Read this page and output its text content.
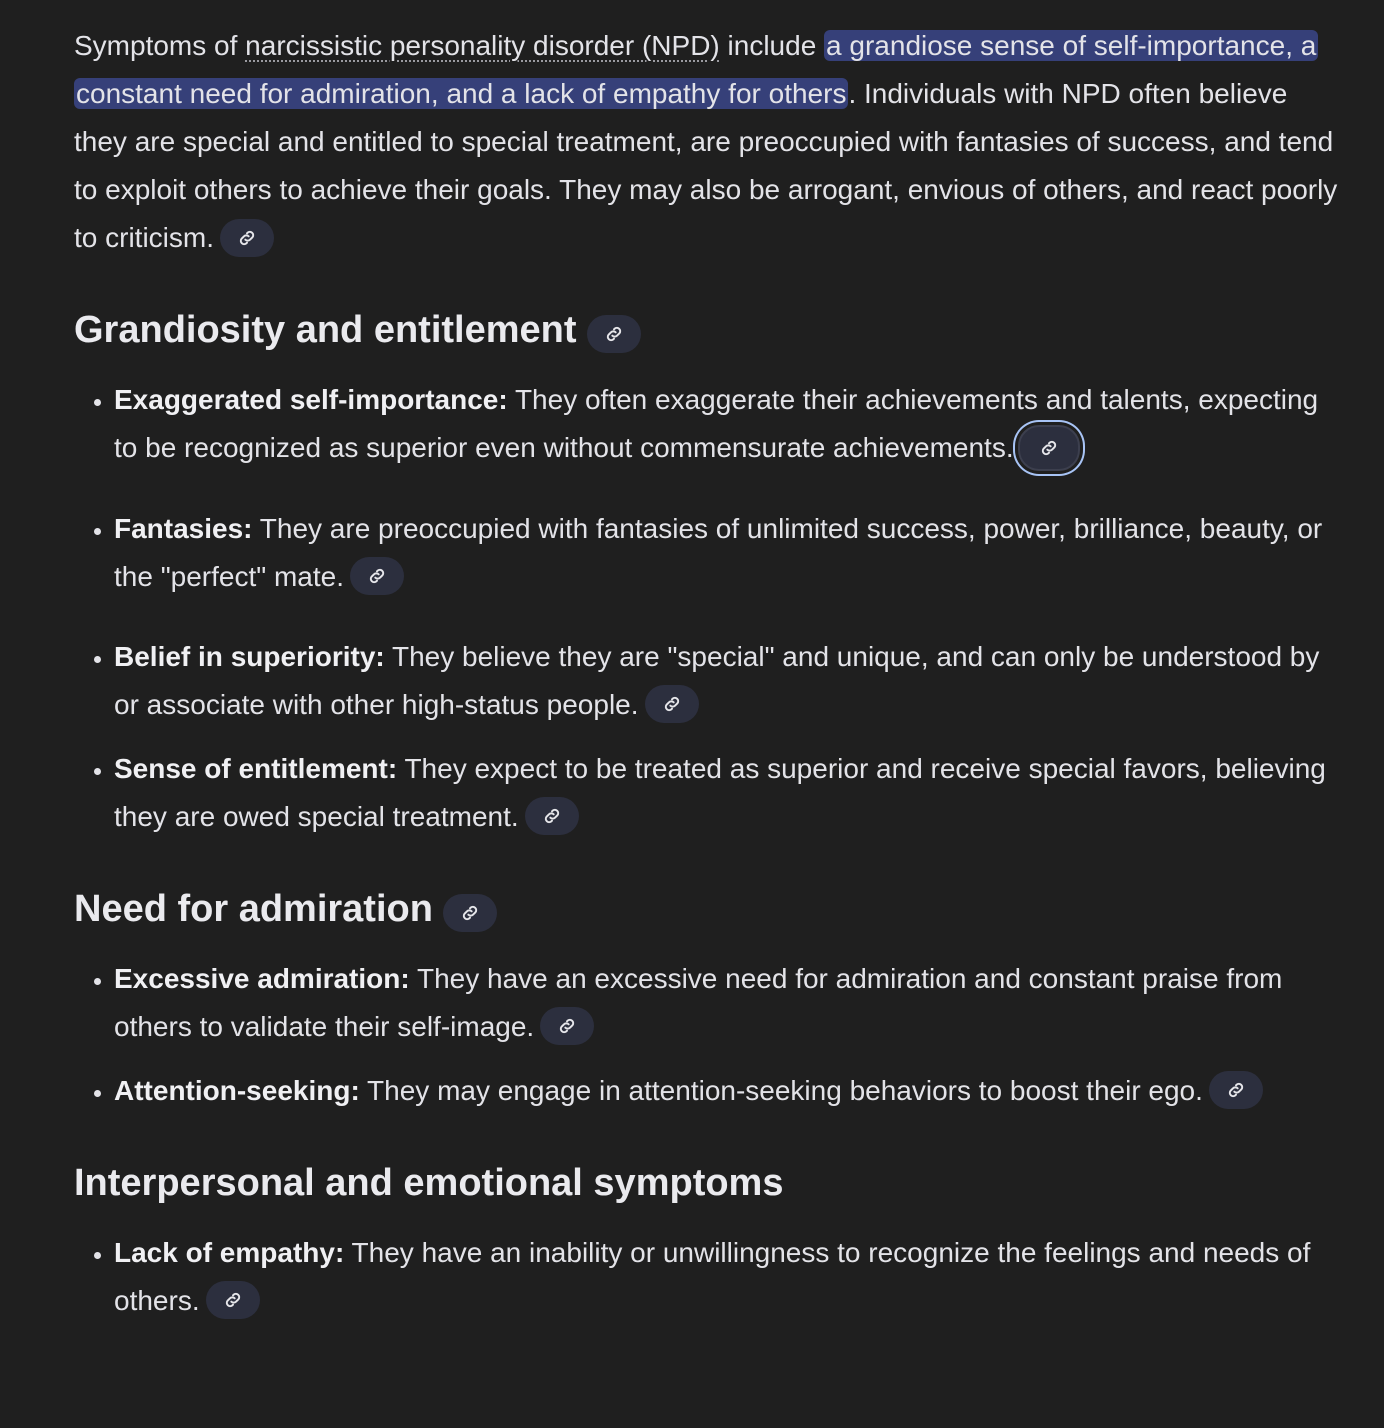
Symptoms of narcissistic personality disorder (NPD) include a grandiose sense of self-importance, a constant need for admiration, and a lack of empathy for others. Individuals with NPD often believe they are special and entitled to special treatment, are preoccupied with fantasies of success, and tend to exploit others to achieve their goals. They may also be arrogant, envious of others, and react poorly to criticism.

Grandiosity and entitlement
• Exaggerated self-importance: They often exaggerate their achievements and talents, expecting to be recognized as superior even without commensurate achievements.
• Fantasies: They are preoccupied with fantasies of unlimited success, power, brilliance, beauty, or the "perfect" mate.
• Belief in superiority: They believe they are "special" and unique, and can only be understood by or associate with other high-status people.
• Sense of entitlement: They expect to be treated as superior and receive special favors, believing they are owed special treatment.
Need for admiration
• Excessive admiration: They have an excessive need for admiration and constant praise from others to validate their self-image.
• Attention-seeking: They may engage in attention-seeking behaviors to boost their ego.
Interpersonal and emotional symptoms
• Lack of empathy: They have an inability or unwillingness to recognize the feelings and needs of others.
